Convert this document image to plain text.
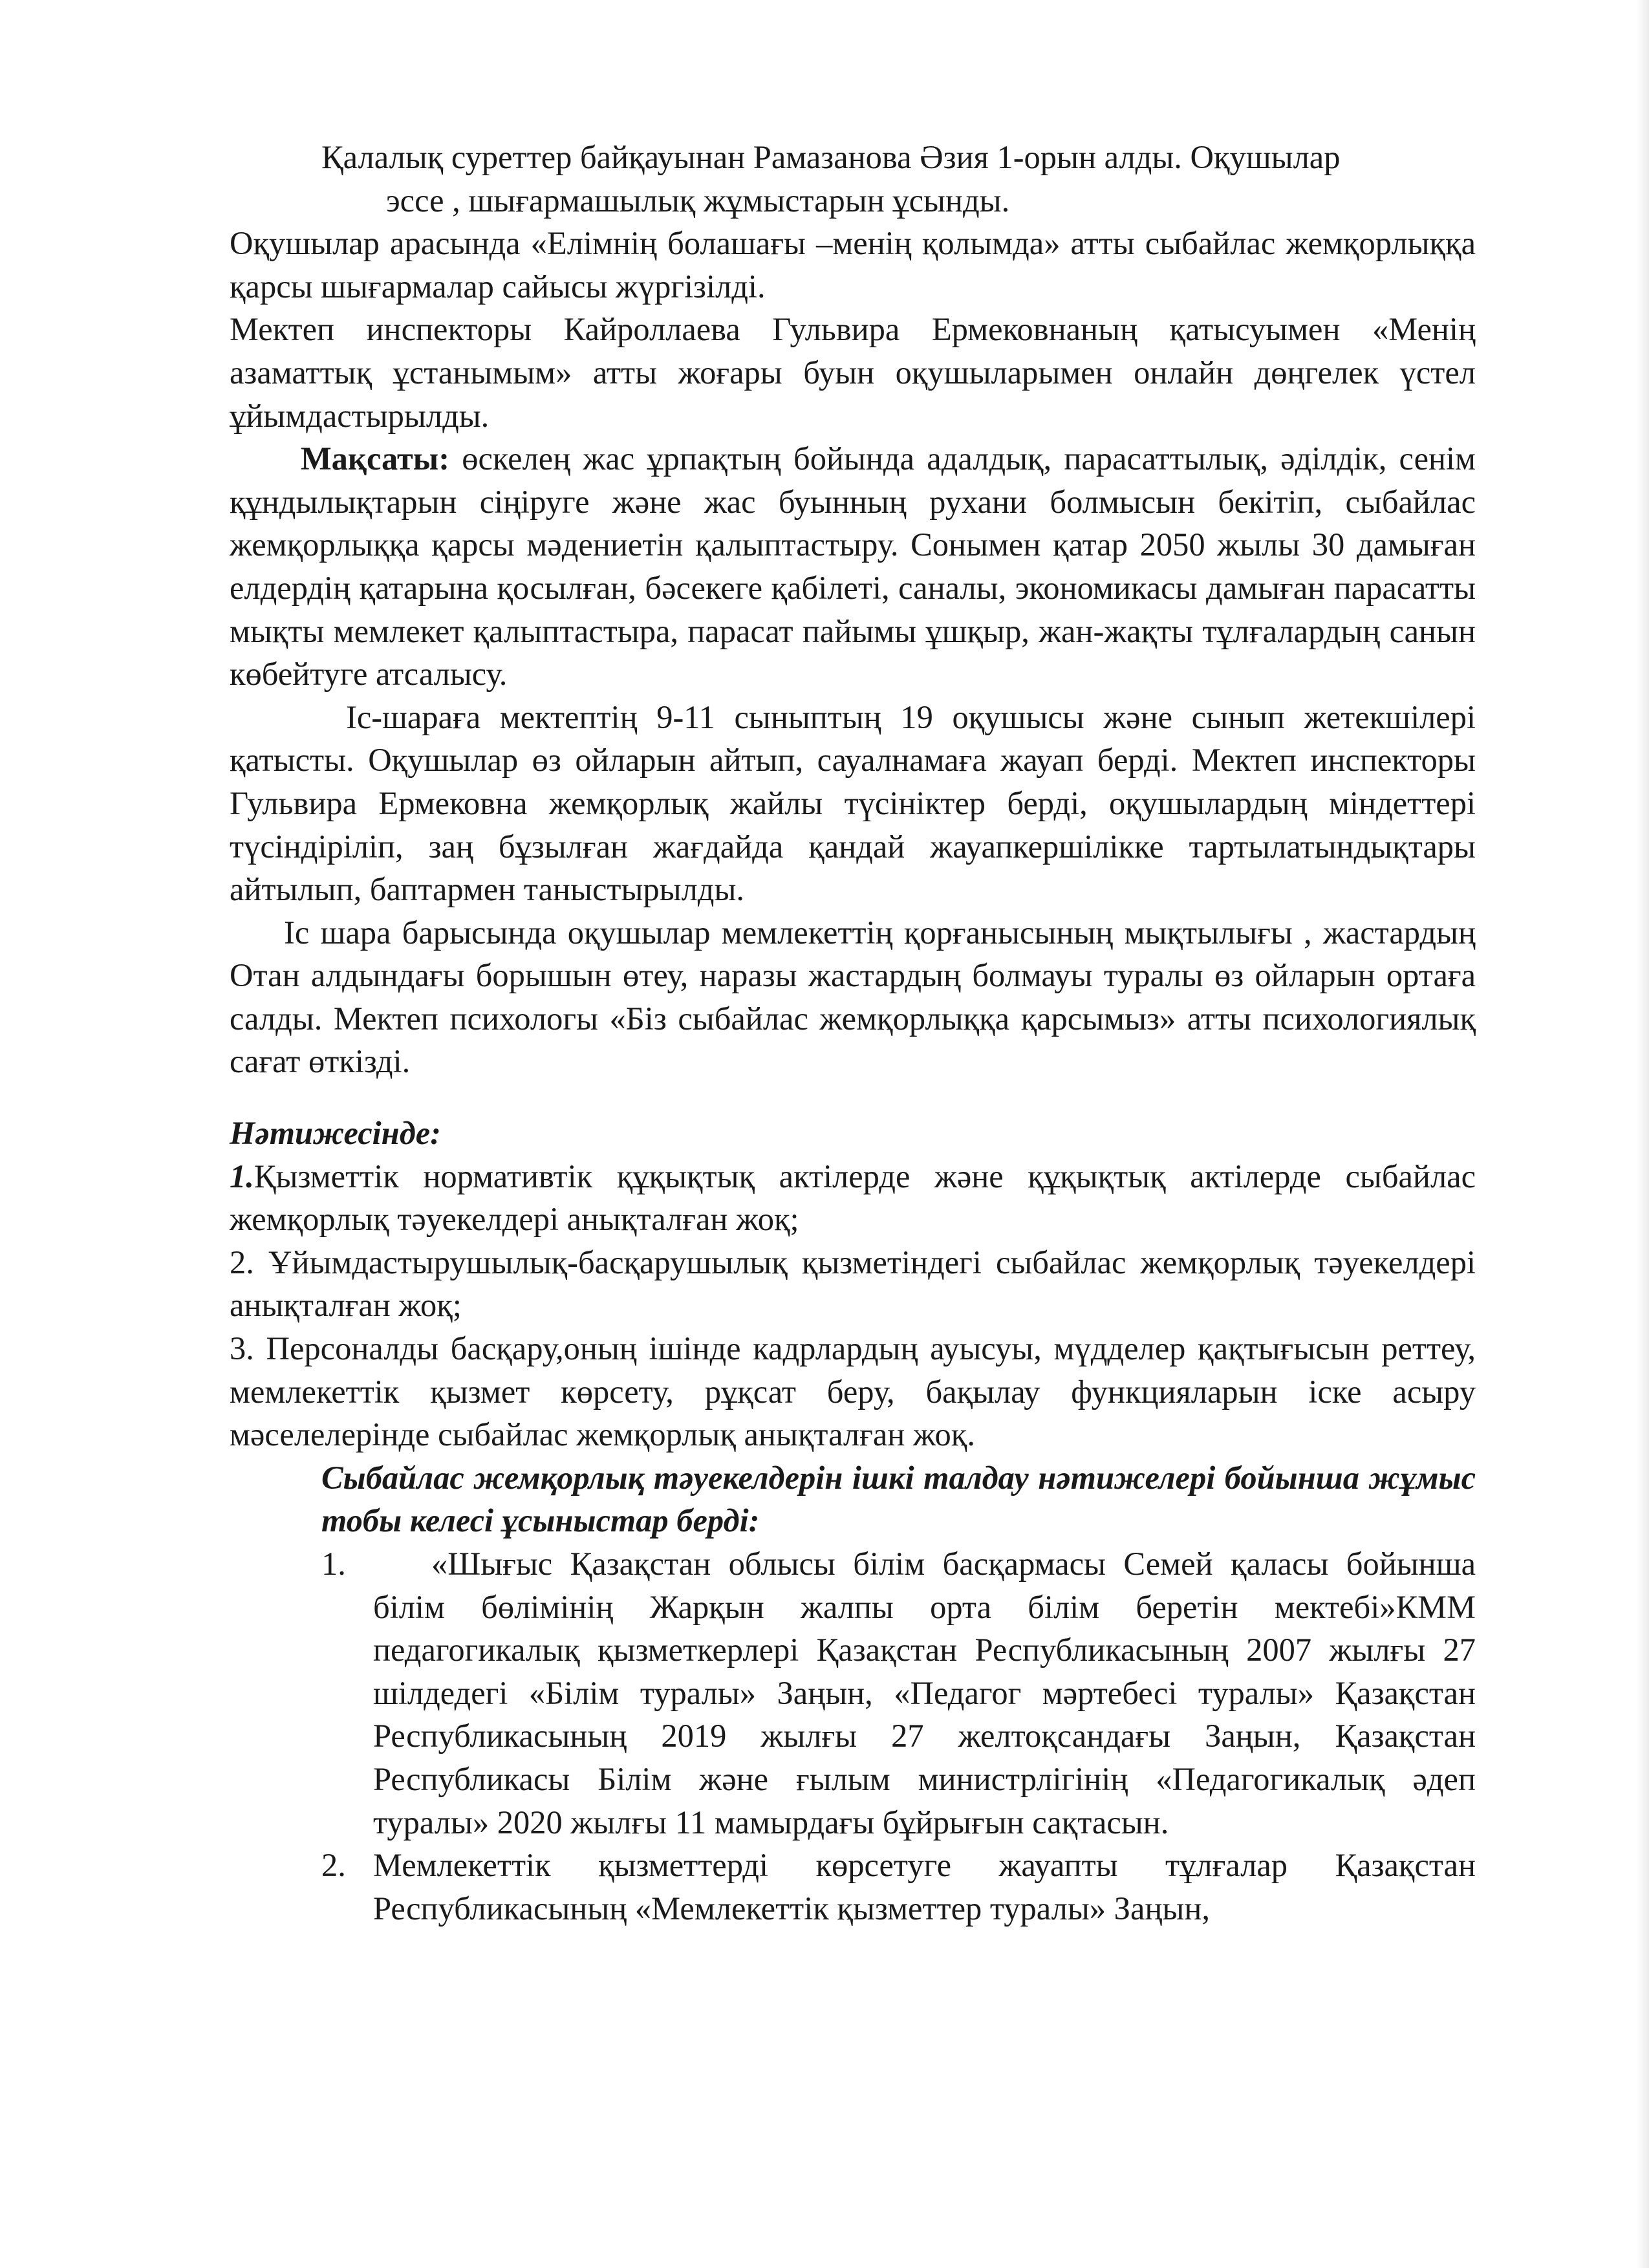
Қалалық суреттер байқауынан Рамазанова Әзия 1-орын алды. Оқушылар
эссе , шығармашылық жұмыстарын ұсынды.

Оқушылар арасында «Елімнің болашағы –менің қолымда» атты сыбайлас жемқорлыққа қарсы шығармалар сайысы жүргізілді.

Мектеп инспекторы Кайроллаева Гульвира Ермековнаның қатысуымен «Менің азаматтық ұстанымым» атты жоғары буын оқушыларымен онлайн дөңгелек үстел ұйымдастырылды.

Мақсаты: өскелең жас ұрпақтың бойында адалдық, парасаттылық, әділдік, сенім құндылықтарын сіңіруге және жас буынның рухани болмысын бекітіп, сыбайлас жемқорлыққа қарсы мәдениетін қалыптастыру. Сонымен қатар 2050 жылы 30 дамыған елдердің қатарына қосылған, бәсекеге қабілеті, саналы, экономикасы дамыған парасатты мықты мемлекет қалыптастыра, парасат пайымы ұшқыр, жан-жақты тұлғалардың санын көбейтуге атсалысу.

Іс-шараға мектептің 9-11 сыныптың 19 оқушысы және сынып жетекшілері қатысты. Оқушылар өз ойларын айтып, сауалнамаға жауап берді. Мектеп инспекторы Гульвира Ермековна жемқорлық жайлы түсініктер берді, оқушылардың міндеттері түсіндіріліп, заң бұзылған жағдайда қандай жауапкершілікке тартылатындықтары айтылып, баптармен таныстырылды.

Іс шара барысында оқушылар мемлекеттің қорғанысының мықтылығы , жастардың Отан алдындағы борышын өтеу, наразы жастардың болмауы туралы өз ойларын ортаға салды. Мектеп психологы «Біз сыбайлас жемқорлыққа қарсымыз» атты психологиялық сағат өткізді.

Нәтижесінде:

1.Қызметтік нормативтік құқықтық актілерде және құқықтық актілерде сыбайлас жемқорлық тәуекелдері анықталған жоқ;

2. Ұйымдастырушылық-басқарушылық қызметіндегі сыбайлас жемқорлық тәуекелдері анықталған жоқ;

3. Персоналды басқару,оның ішінде кадрлардың ауысуы, мүдделер қақтығысын реттеу, мемлекеттік қызмет көрсету, рұқсат беру, бақылау функцияларын іске асыру мәселелерінде сыбайлас жемқорлық анықталған жоқ.

Сыбайлас жемқорлық тәуекелдерін ішкі талдау нәтижелері бойынша жұмыс тобы келесі ұсыныстар берді:

1.	«Шығыс Қазақстан облысы білім басқармасы Семей қаласы бойынша білім бөлімінің Жарқын жалпы орта білім беретін мектебі»КММ педагогикалық қызметкерлері Қазақстан Республикасының 2007 жылғы 27 шілдедегі «Білім туралы» Заңын, «Педагог мәртебесі туралы» Қазақстан Республикасының 2019 жылғы 27 желтоқсандағы Заңын, Қазақстан Республикасы Білім және ғылым министрлігінің «Педагогикалық әдеп туралы» 2020 жылғы 11 мамырдағы бұйрығын сақтасын.
2. Мемлекеттік қызметтерді көрсетуге жауапты тұлғалар Қазақстан Республикасының «Мемлекеттік қызметтер туралы» Заңын,
